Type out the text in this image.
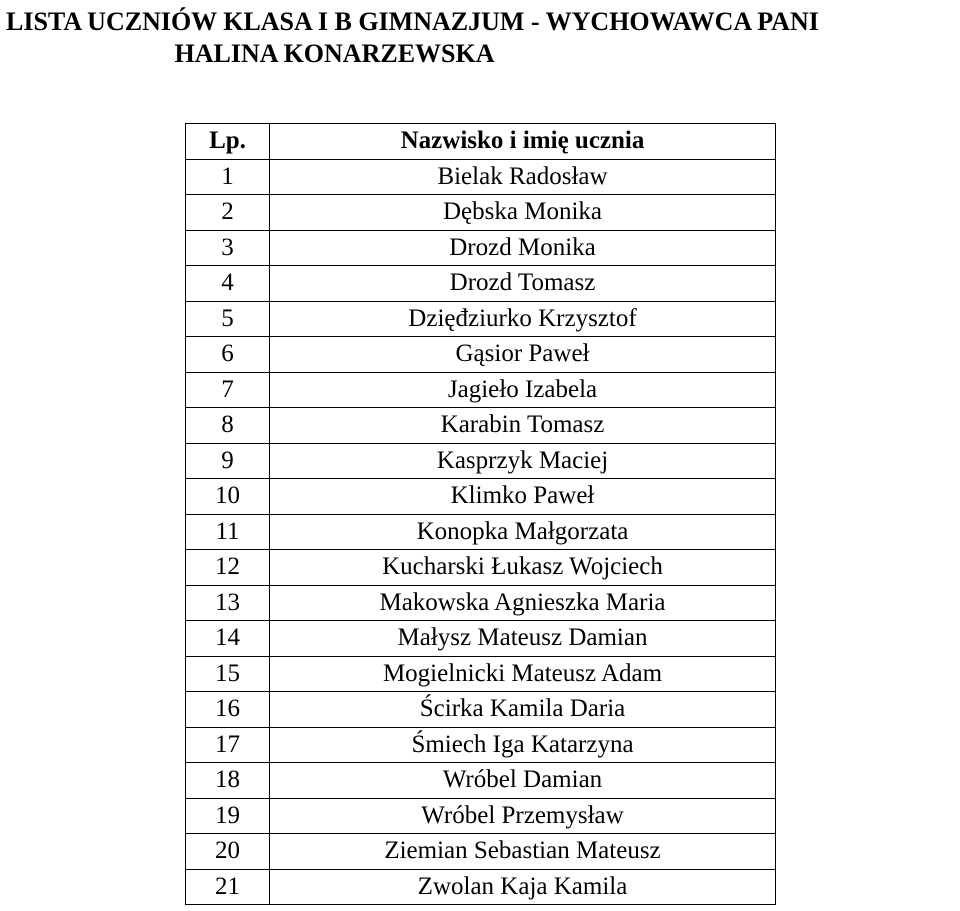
LISTA UCZNIÓW KLASA I B GIMNAZJUM - WYCHOWAWCA PANI
HALINA KONARZEWSKA
Lp.	Nazwisko i imię ucznia
1	Bielak Radosław
2	Dębska Monika
3	Drozd Monika
4	Drozd Tomasz
5	Dzięđziurko Krzysztof
6	Gąsior Paweł
7	Jagieło Izabela
8	Karabin Tomasz
9	Kasprzyk Maciej
10	Klimko Paweł
11	Konopka Małgorzata
12	Kucharski Łukasz Wojciech
13	Makowska Agnieszka Maria
14	Małysz Mateusz Damian
15	Mogielnicki Mateusz Adam
16	Ścirka Kamila Daria
17	Śmiech Iga Katarzyna
18	Wróbel Damian
19	Wróbel Przemysław
20	Ziemian Sebastian Mateusz
21	Zwolan Kaja Kamila
